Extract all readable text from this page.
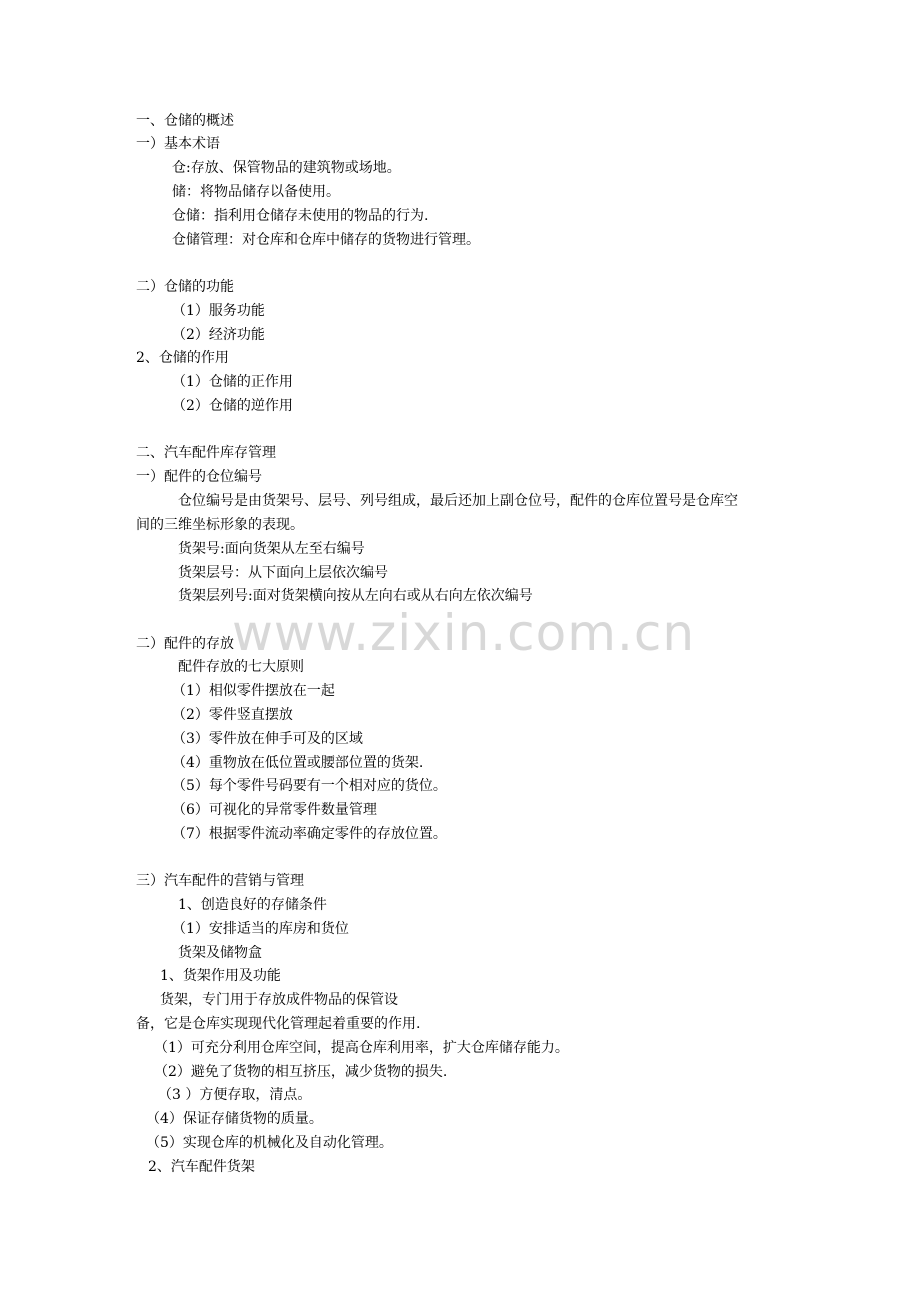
www.zixin.com.cn
一、仓储的概述
一）基本术语
仓:存放、保管物品的建筑物或场地。
储：将物品储存以备使用。
仓储：指利用仓储存未使用的物品的行为.
仓储管理：对仓库和仓库中储存的货物进行管理。
二）仓储的功能
（1）服务功能
（2）经济功能
2、仓储的作用
（1）仓储的正作用
（2）仓储的逆作用
二、汽车配件库存管理
一）配件的仓位编号
仓位编号是由货架号、层号、列号组成，最后还加上副仓位号，配件的仓库位置号是仓库空
间的三维坐标形象的表现。
货架号:面向货架从左至右编号
货架层号：从下面向上层依次编号
货架层列号:面对货架横向按从左向右或从右向左依次编号
二）配件的存放
配件存放的七大原则
（1）相似零件摆放在一起
（2）零件竖直摆放
（3）零件放在伸手可及的区域
（4）重物放在低位置或腰部位置的货架.
（5）每个零件号码要有一个相对应的货位。
（6）可视化的异常零件数量管理
（7）根据零件流动率确定零件的存放位置。
三）汽车配件的营销与管理
1、创造良好的存储条件
（1）安排适当的库房和货位
货架及储物盒
1、货架作用及功能
货架，专门用于存放成件物品的保管设
备，它是仓库实现现代化管理起着重要的作用.
（1）可充分利用仓库空间，提高仓库利用率，扩大仓库储存能力。
（2）避免了货物的相互挤压，减少货物的损失.
（3 ）方便存取，清点。
（4）保证存储货物的质量。
（5）实现仓库的机械化及自动化管理。
2、汽车配件货架
